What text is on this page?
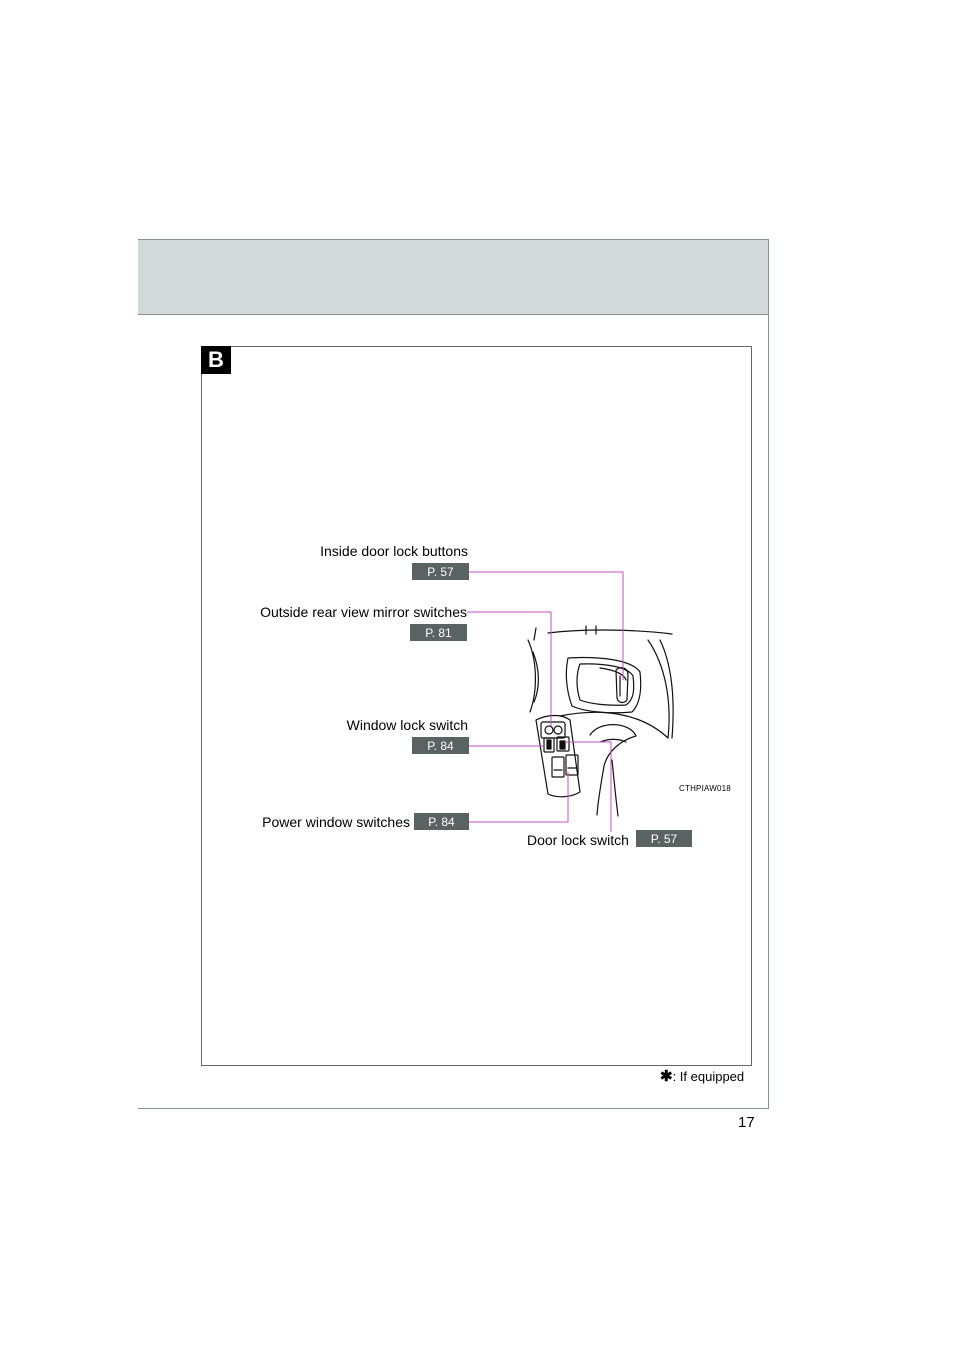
17
B
Inside door lock buttons
P. 57
Outside rear view mirror switches
P. 81
Window lock switch
P. 84
Power window switches	P. 84
Door lock switch	P. 57
CTHPIAW018
✱: If equipped
